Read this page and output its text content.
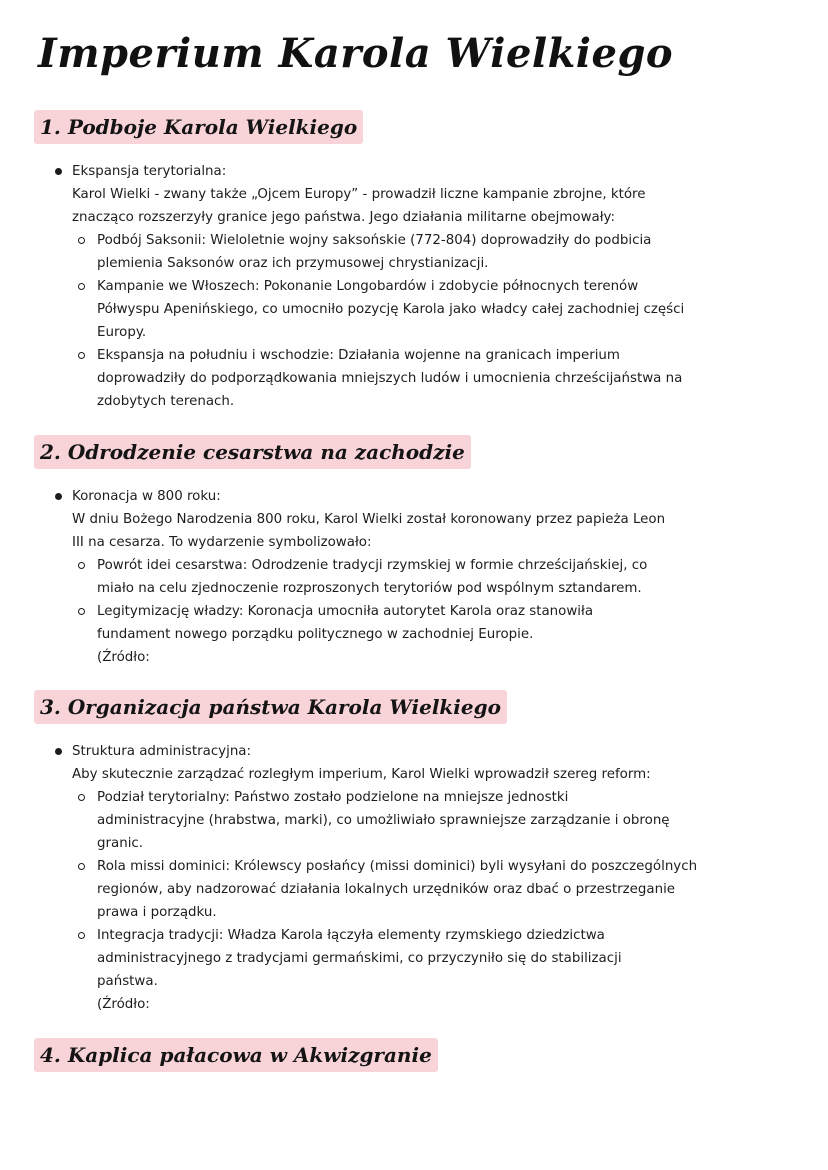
Imperium Karola Wielkiego
1. Podboje Karola Wielkiego
Ekspansja terytorialna:
Karol Wielki - zwany także „Ojcem Europy” - prowadził liczne kampanie zbrojne, które
znacząco rozszerzyły granice jego państwa. Jego działania militarne obejmowały:
Podbój Saksonii: Wieloletnie wojny saksońskie (772-804) doprowadziły do podbicia
plemienia Saksonów oraz ich przymusowej chrystianizacji.
Kampanie we Włoszech: Pokonanie Longobardów i zdobycie północnych terenów
Półwyspu Apenińskiego, co umocniło pozycję Karola jako władcy całej zachodniej części
Europy.
Ekspansja na południu i wschodzie: Działania wojenne na granicach imperium
doprowadziły do podporządkowania mniejszych ludów i umocnienia chrześcijaństwa na
zdobytych terenach.
2. Odrodzenie cesarstwa na zachodzie
Koronacja w 800 roku:
W dniu Bożego Narodzenia 800 roku, Karol Wielki został koronowany przez papieża Leon
III na cesarza. To wydarzenie symbolizowało:
Powrót idei cesarstwa: Odrodzenie tradycji rzymskiej w formie chrześcijańskiej, co
miało na celu zjednoczenie rozproszonych terytoriów pod wspólnym sztandarem.
Legitymizację władzy: Koronacja umocniła autorytet Karola oraz stanowiła
fundament nowego porządku politycznego w zachodniej Europie.
(Źródło:
3. Organizacja państwa Karola Wielkiego
Struktura administracyjna:
Aby skutecznie zarządzać rozległym imperium, Karol Wielki wprowadził szereg reform:
Podział terytorialny: Państwo zostało podzielone na mniejsze jednostki
administracyjne (hrabstwa, marki), co umożliwiało sprawniejsze zarządzanie i obronę
granic.
Rola missi dominici: Królewscy posłańcy (missi dominici) byli wysyłani do poszczególnych
regionów, aby nadzorować działania lokalnych urzędników oraz dbać o przestrzeganie
prawa i porządku.
Integracja tradycji: Władza Karola łączyła elementy rzymskiego dziedzictwa
administracyjnego z tradycjami germańskimi, co przyczyniło się do stabilizacji
państwa.
(Źródło:
4. Kaplica pałacowa w Akwizgranie
